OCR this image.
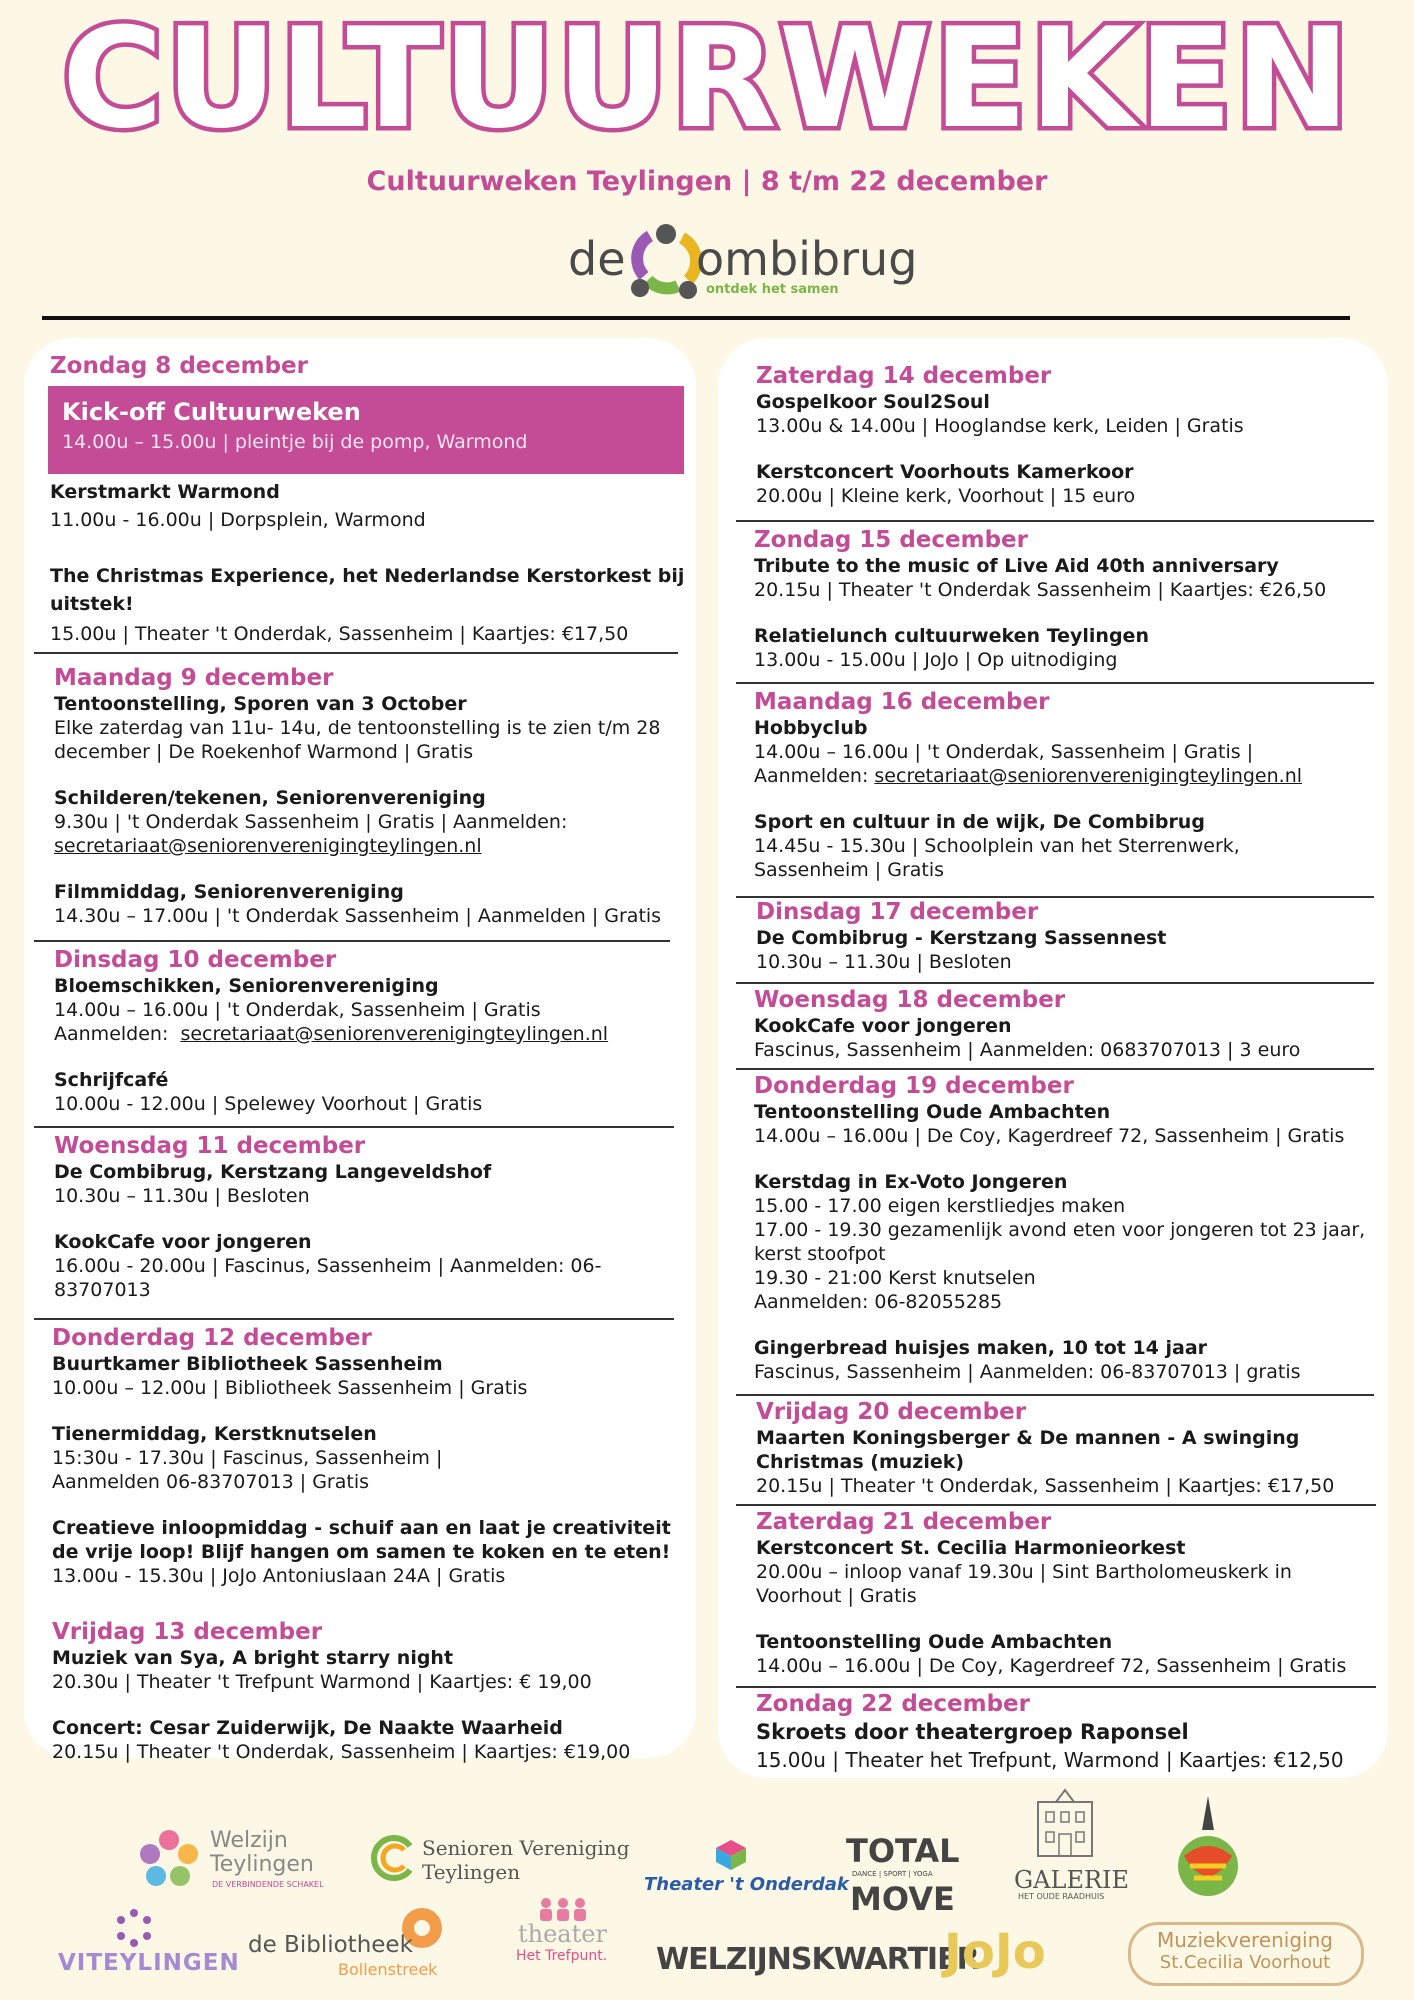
CULTUURWEKEN
Cultuurweken Teylingen | 8 t/m 22 december
de ombibrug
ontdek het samen
Zondag 8 december
Kick-off Cultuurweken
14.00u – 15.00u | pleintje bij de pomp, Warmond
Kerstmarkt Warmond
11.00u - 16.00u | Dorpsplein, Warmond
The Christmas Experience, het Nederlandse Kerstorkest bij uitstek!
15.00u | Theater 't Onderdak, Sassenheim | Kaartjes: €17,50
Maandag 9 december
Tentoonstelling, Sporen van 3 October
Elke zaterdag van 11u- 14u, de tentoonstelling is te zien t/m 28 december | De Roekenhof Warmond | Gratis
Schilderen/tekenen, Seniorenvereniging
9.30u | 't Onderdak Sassenheim | Gratis | Aanmelden:
secretariaat@seniorenverenigingteylingen.nl
Filmmiddag, Seniorenvereniging
14.30u – 17.00u | 't Onderdak Sassenheim | Aanmelden | Gratis
Dinsdag 10 december
Bloemschikken, Seniorenvereniging
14.00u – 16.00u | 't Onderdak, Sassenheim | Gratis
Aanmelden: secretariaat@seniorenverenigingteylingen.nl
Schrijfcafé
10.00u - 12.00u | Spelewey Voorhout | Gratis
Woensdag 11 december
De Combibrug, Kerstzang Langeveldshof
10.30u – 11.30u | Besloten
KookCafe voor jongeren
16.00u - 20.00u | Fascinus, Sassenheim | Aanmelden: 06-83707013
Donderdag 12 december
Buurtkamer Bibliotheek Sassenheim
10.00u – 12.00u | Bibliotheek Sassenheim | Gratis
Tienermiddag, Kerstknutselen
15:30u - 17.30u | Fascinus, Sassenheim | Aanmelden 06-83707013 | Gratis
Creatieve inloopmiddag - schuif aan en laat je creativiteit de vrije loop! Blijf hangen om samen te koken en te eten!
13.00u - 15.30u | JoJo Antoniuslaan 24A | Gratis
Vrijdag 13 december
Muziek van Sya, A bright starry night
20.30u | Theater 't Trefpunt Warmond | Kaartjes: € 19,00
Concert: Cesar Zuiderwijk, De Naakte Waarheid
20.15u | Theater 't Onderdak, Sassenheim | Kaartjes: €19,00
Zaterdag 14 december
Gospelkoor Soul2Soul
13.00u & 14.00u | Hooglandse kerk, Leiden | Gratis
Kerstconcert Voorhouts Kamerkoor
20.00u | Kleine kerk, Voorhout | 15 euro
Zondag 15 december
Tribute to the music of Live Aid 40th anniversary
20.15u | Theater 't Onderdak Sassenheim | Kaartjes: €26,50
Relatielunch cultuurweken Teylingen
13.00u - 15.00u | JoJo | Op uitnodiging
Maandag 16 december
Hobbyclub
14.00u – 16.00u | 't Onderdak, Sassenheim | Gratis |
Aanmelden: secretariaat@seniorenverenigingteylingen.nl
Sport en cultuur in de wijk, De Combibrug
14.45u - 15.30u | Schoolplein van het Sterrenwerk, Sassenheim | Gratis
Dinsdag 17 december
De Combibrug - Kerstzang Sassennest
10.30u – 11.30u | Besloten
Woensdag 18 december
KookCafe voor jongeren
Fascinus, Sassenheim | Aanmelden: 0683707013 | 3 euro
Donderdag 19 december
Tentoonstelling Oude Ambachten
14.00u – 16.00u | De Coy, Kagerdreef 72, Sassenheim | Gratis
Kerstdag in Ex-Voto Jongeren
15.00 - 17.00 eigen kerstliedjes maken
17.00 - 19.30 gezamenlijk avond eten voor jongeren tot 23 jaar, kerst stoofpot
19.30 - 21:00 Kerst knutselen
Aanmelden: 06-82055285
Gingerbread huisjes maken, 10 tot 14 jaar
Fascinus, Sassenheim | Aanmelden: 06-83707013 | gratis
Vrijdag 20 december
Maarten Koningsberger & De mannen - A swinging Christmas (muziek)
20.15u | Theater 't Onderdak, Sassenheim | Kaartjes: €17,50
Zaterdag 21 december
Kerstconcert St. Cecilia Harmonieorkest
20.00u – inloop vanaf 19.30u | Sint Bartholomeuskerk in Voorhout | Gratis
Tentoonstelling Oude Ambachten
14.00u – 16.00u | De Coy, Kagerdreef 72, Sassenheim | Gratis
Zondag 22 december
Skroets door theatergroep Raponsel
15.00u | Theater het Trefpunt, Warmond | Kaartjes: €12,50
Welzijn
Teylingen
DE VERBINDENDE SCHAKEL
Senioren Vereniging
Teylingen
Theater 't Onderdak
TOTAL
DANCE | SPORT | YOGA
MOVE GALERIE
HET OUDE RAADHUIS
VITEYLINGEN
de Bibliotheek
Bollenstreek
theater
Het Trefpunt. WELZIJNSKWARTIER
JoJo	Muziekvereniging
St.Cecilia Voorhout
